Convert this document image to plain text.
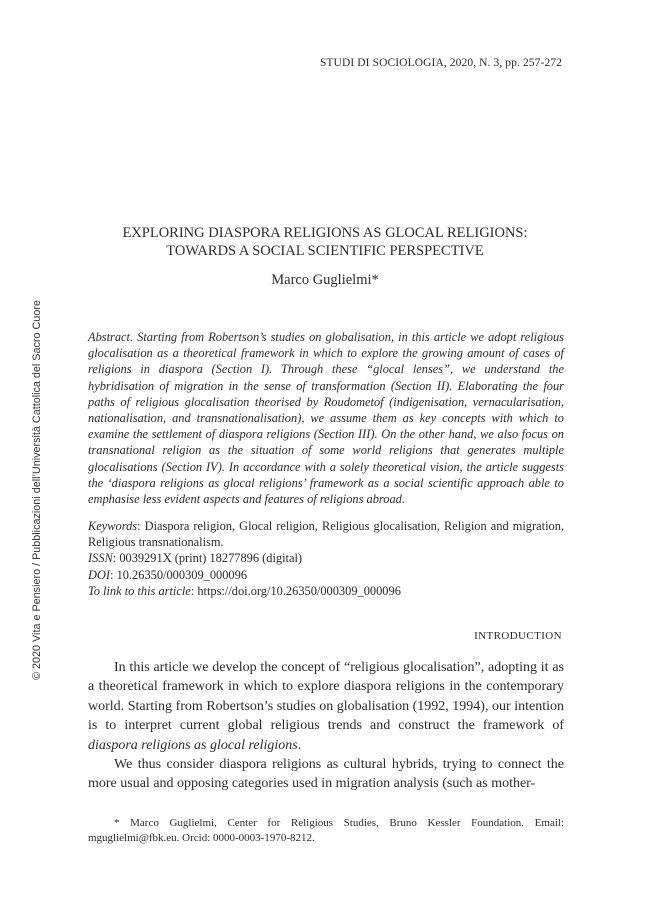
STUDI DI SOCIOLOGIA, 2020, N. 3, pp. 257-272
EXPLORING DIASPORA RELIGIONS AS GLOCAL RELIGIONS:
TOWARDS A SOCIAL SCIENTIFIC PERSPECTIVE
Marco Guglielmi*

Abstract. Starting from Robertson’s studies on globalisation, in this article we adopt religious glocalisation as a theoretical framework in which to explore the growing amount of cases of religions in diaspora (Section I). Through these “glocal lenses”, we understand the hybridisation of migration in the sense of transformation (Section II). Elaborating the four paths of religious glocalisation theorised by Roudometof (indigenisation, vernacularisation, nationalisation, and transnationalisation), we assume them as key concepts with which to examine the settlement of diaspora religions (Section III). On the other hand, we also focus on transnational religion as the situation of some world religions that generates multiple glocalisations (Section IV). In accordance with a solely theoretical vision, the article suggests the ‘diaspora religions as glocal religions’ framework as a social scientific approach able to emphasise less evident aspects and features of religions abroad.

Keywords: Diaspora religion, Glocal religion, Religious glocalisation, Religion and migration, Religious transnationalism.

ISSN: 0039291X (print) 18277896 (digital)

DOI: 10.26350/000309_000096

To link to this article: https://doi.org/10.26350/000309_000096

INTRODUCTION

In this article we develop the concept of “religious glocalisation”, adopting it as a theoretical framework in which to explore diaspora religions in the contemporary world. Starting from Robertson’s studies on globalisation (1992, 1994), our intention is to interpret current global religious trends and construct the framework of diaspora religions as glocal religions.

We thus consider diaspora religions as cultural hybrids, trying to connect the more usual and opposing categories used in migration analysis (such as mother-

* Marco Guglielmi, Center for Religious Studies, Bruno Kessler Foundation. Email: mguglielmi@fbk.eu. Orcid: 0000-0003-1970-8212.

© 2020 Vita e Pensiero / Pubblicazioni dell’Università Cattolica del Sacro Cuore
